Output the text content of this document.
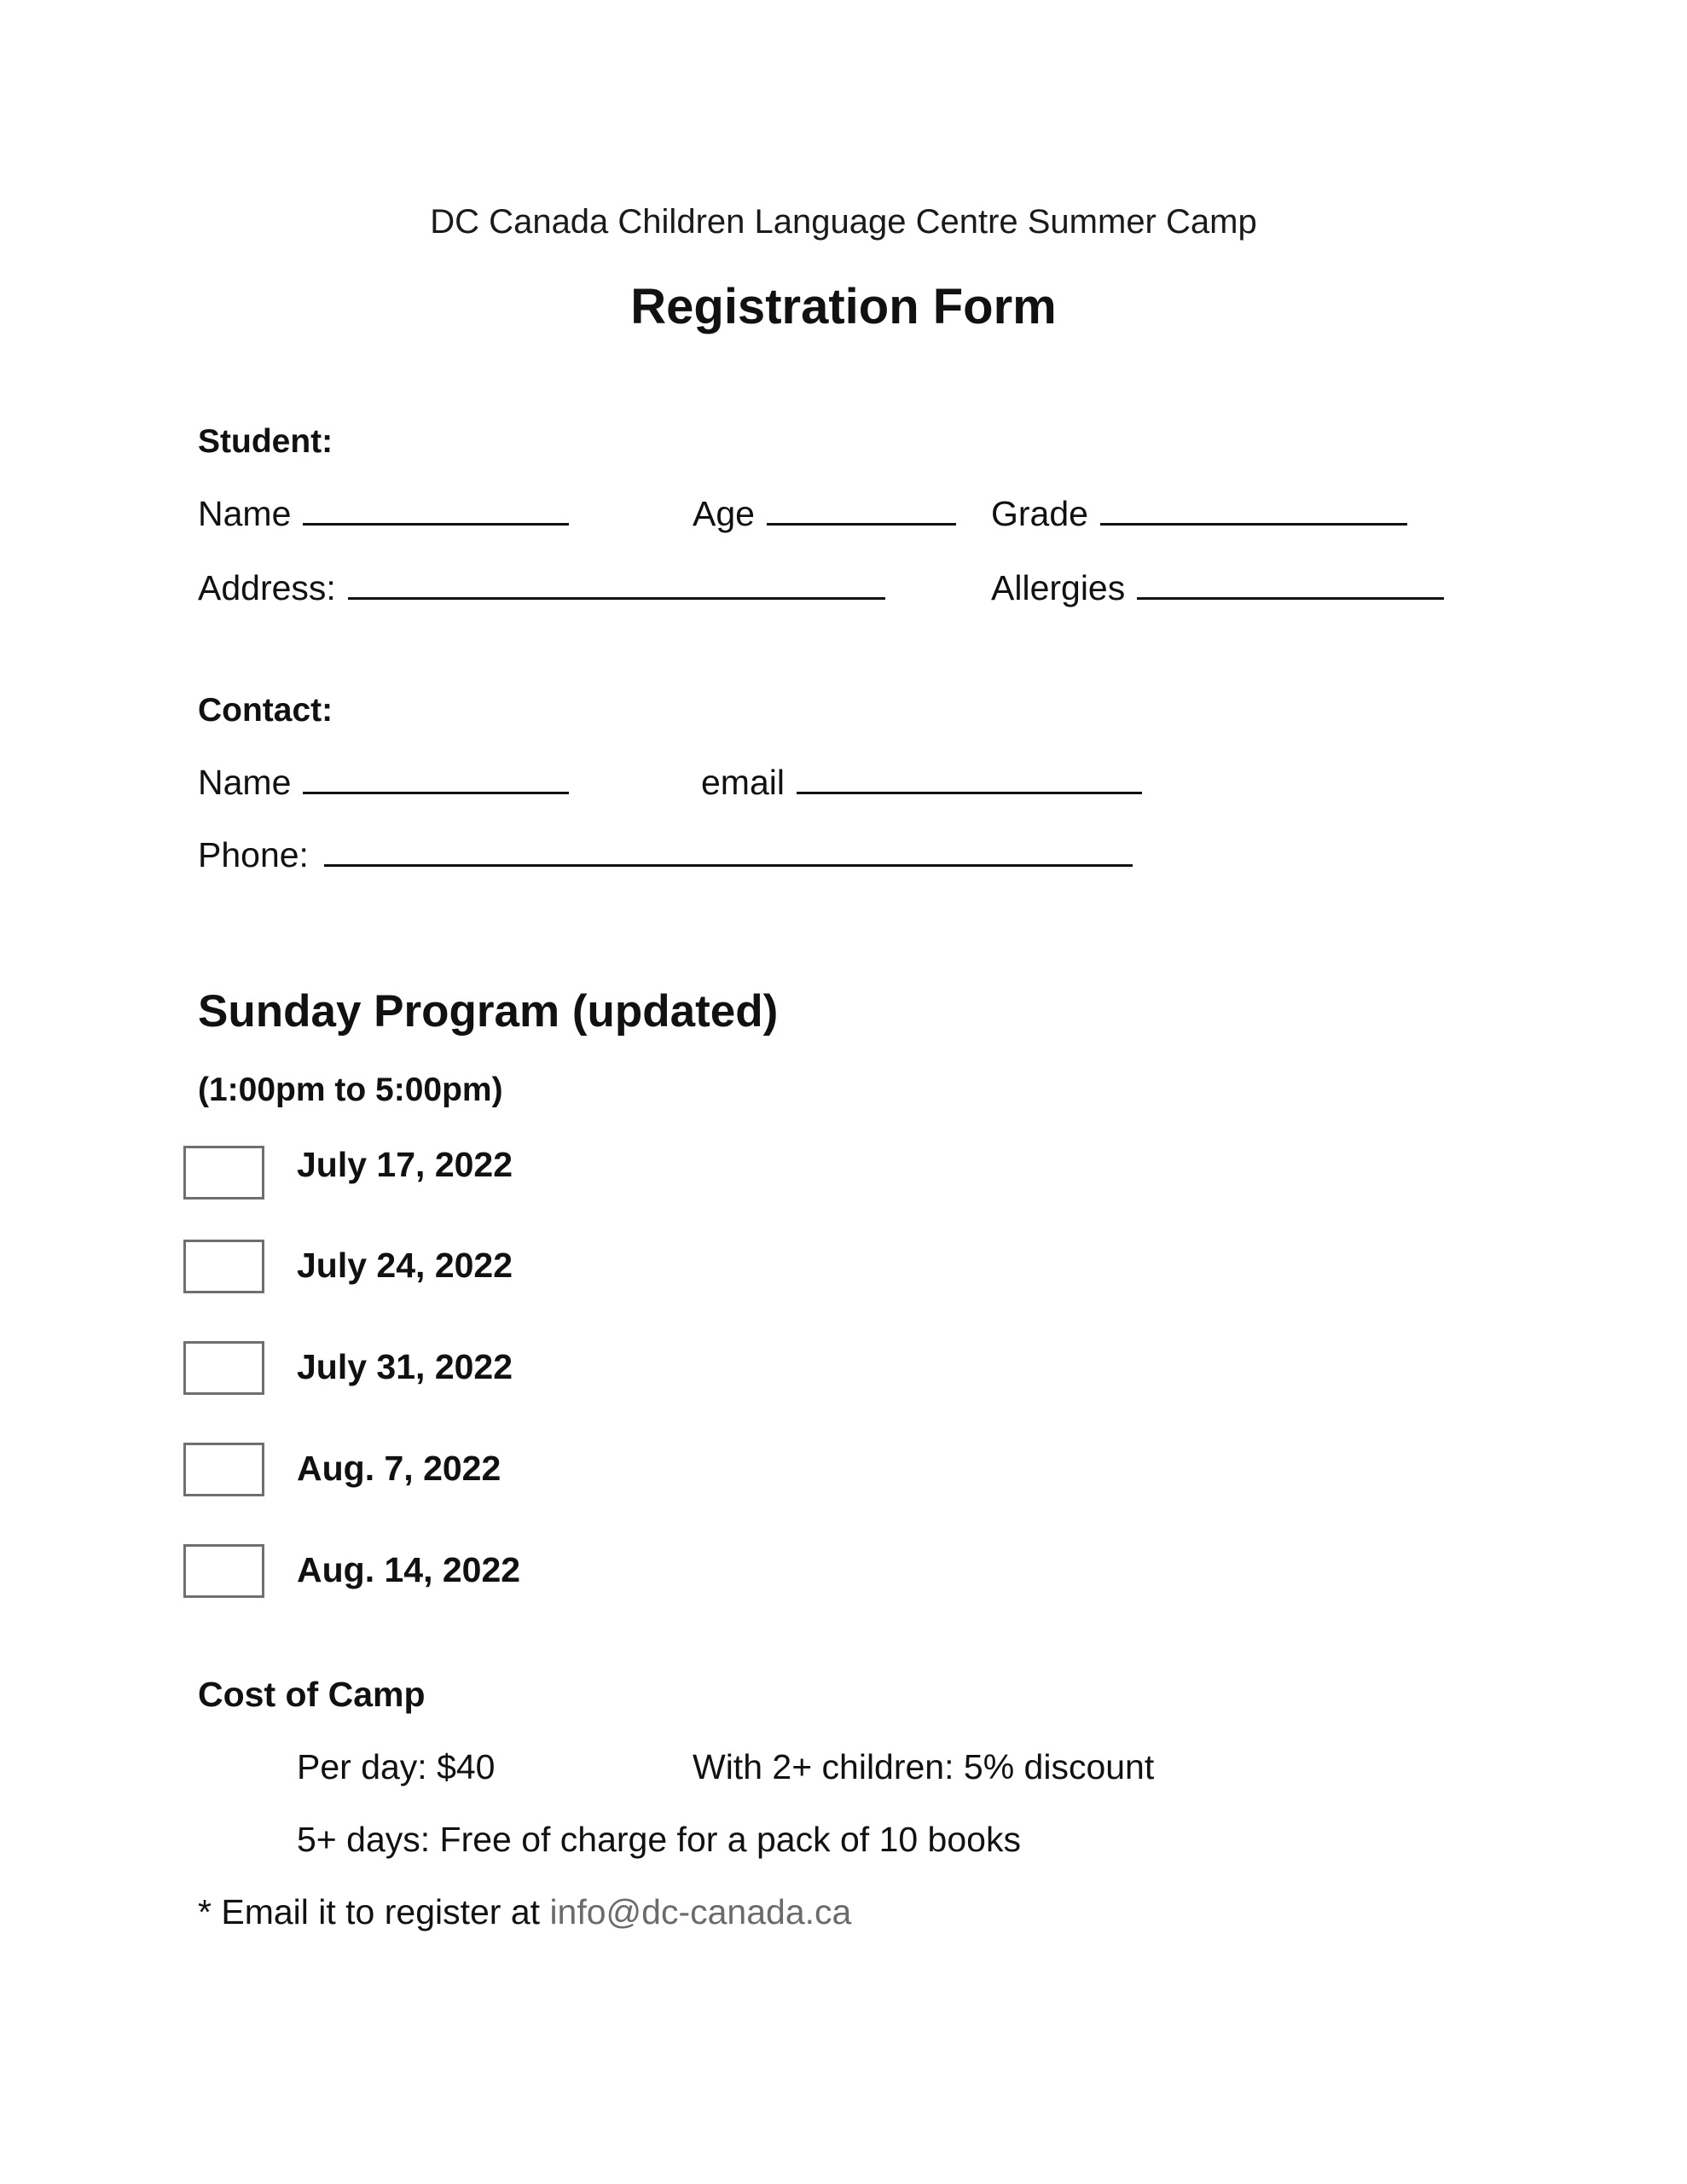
DC Canada Children Language Centre Summer Camp
Registration Form
Student:
Name	Age	Grade
Address:	Allergies
Contact:
Name	email
Phone:
Sunday Program (updated)
(1:00pm to 5:00pm)
July 17, 2022
July 24, 2022
July 31, 2022
Aug. 7, 2022
Aug. 14, 2022
Cost of Camp
Per day: $40	With 2+ children: 5% discount
5+ days: Free of charge for a pack of 10 books
* Email it to register at info@dc-canada.ca
